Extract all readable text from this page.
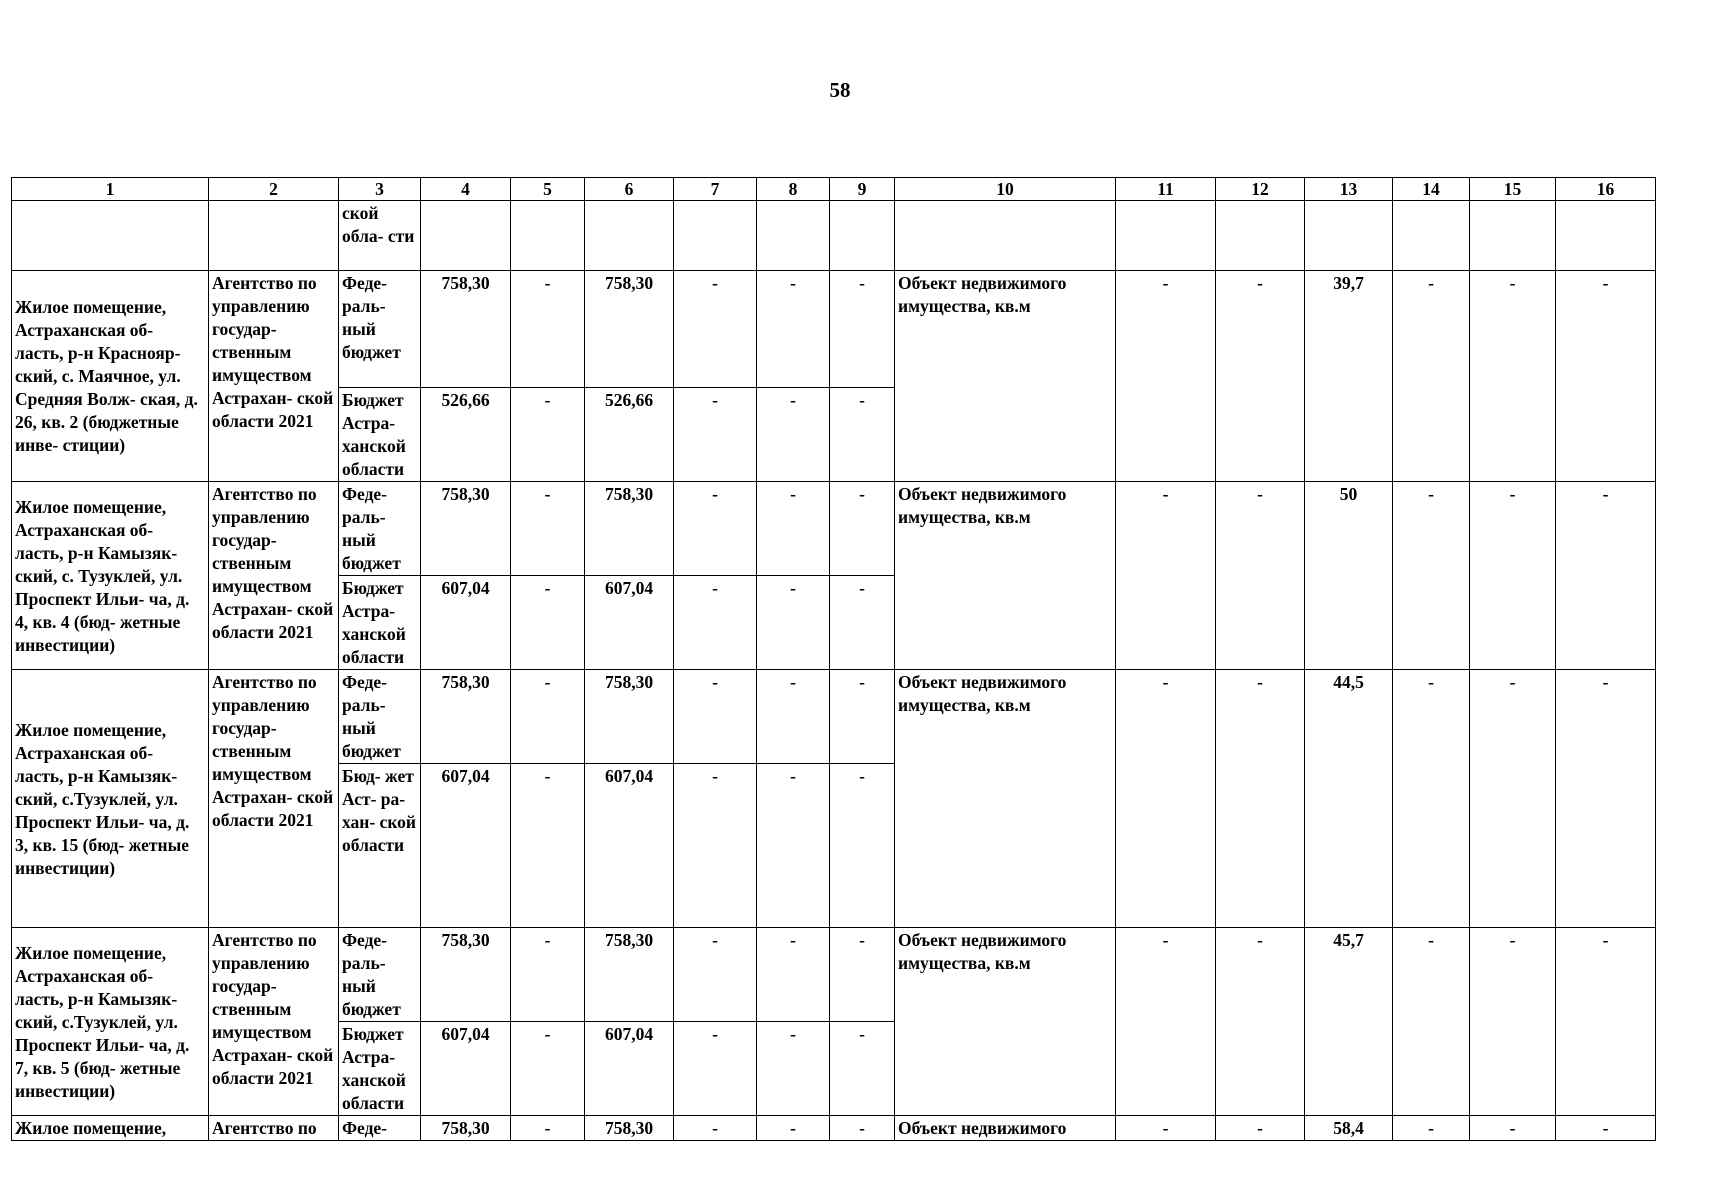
58
1	2	3	4	5	6	7	8	9	10	11	12	13	14	15	16
		ской обла- сти													
Жилое помещение, Астраханская об- ласть, р-н Краснояр- ский, с. Маячное, ул. Средняя Волж- ская, д. 26, кв. 2 (бюджетные инве- стиции)	Агентство по управлению государ- ственным имуществом Астрахан- ской области 2021	Феде- раль- ный бюджет	758,30	-	758,30	-	-	-	Объект недвижимого имущества, кв.м	-	-	39,7	-	-	-
		Бюджет Астра- ханской области	526,66	-	526,66	-	-	-							
Жилое помещение, Астраханская об- ласть, р-н Камызяк- ский, с. Тузуклей, ул. Проспект Ильи- ча, д. 4, кв. 4 (бюд- жетные инвестиции)	Агентство по управлению государ- ственным имуществом Астрахан- ской области 2021	Феде- раль- ный бюджет	758,30	-	758,30	-	-	-	Объект недвижимого имущества, кв.м	-	-	50	-	-	-
		Бюджет Астра- ханской области	607,04	-	607,04	-	-	-							
Жилое помещение, Астраханская об- ласть, р-н Камызяк- ский, с.Тузуклей, ул. Проспект Ильи- ча, д. 3, кв. 15 (бюд- жетные инвестиции)	Агентство по управлению государ- ственным имуществом Астрахан- ской области 2021	Феде- раль- ный бюджет	758,30	-	758,30	-	-	-	Объект недвижимого имущества, кв.м	-	-	44,5	-	-	-
		Бюд- жет Аст- ра- хан- ской области	607,04	-	607,04	-	-	-							
Жилое помещение, Астраханская об- ласть, р-н Камызяк- ский, с.Тузуклей, ул. Проспект Ильи- ча, д. 7, кв. 5 (бюд- жетные инвестиции)	Агентство по управлению государ- ственным имуществом Астрахан- ской области 2021	Феде- раль- ный бюджет	758,30	-	758,30	-	-	-	Объект недвижимого имущества, кв.м	-	-	45,7	-	-	-
		Бюджет Астра- ханской области	607,04	-	607,04	-	-	-							
Жилое помещение,	Агентство по	Феде-	758,30	-	758,30	-	-	-	Объект недвижимого	-	-	58,4	-	-	-
